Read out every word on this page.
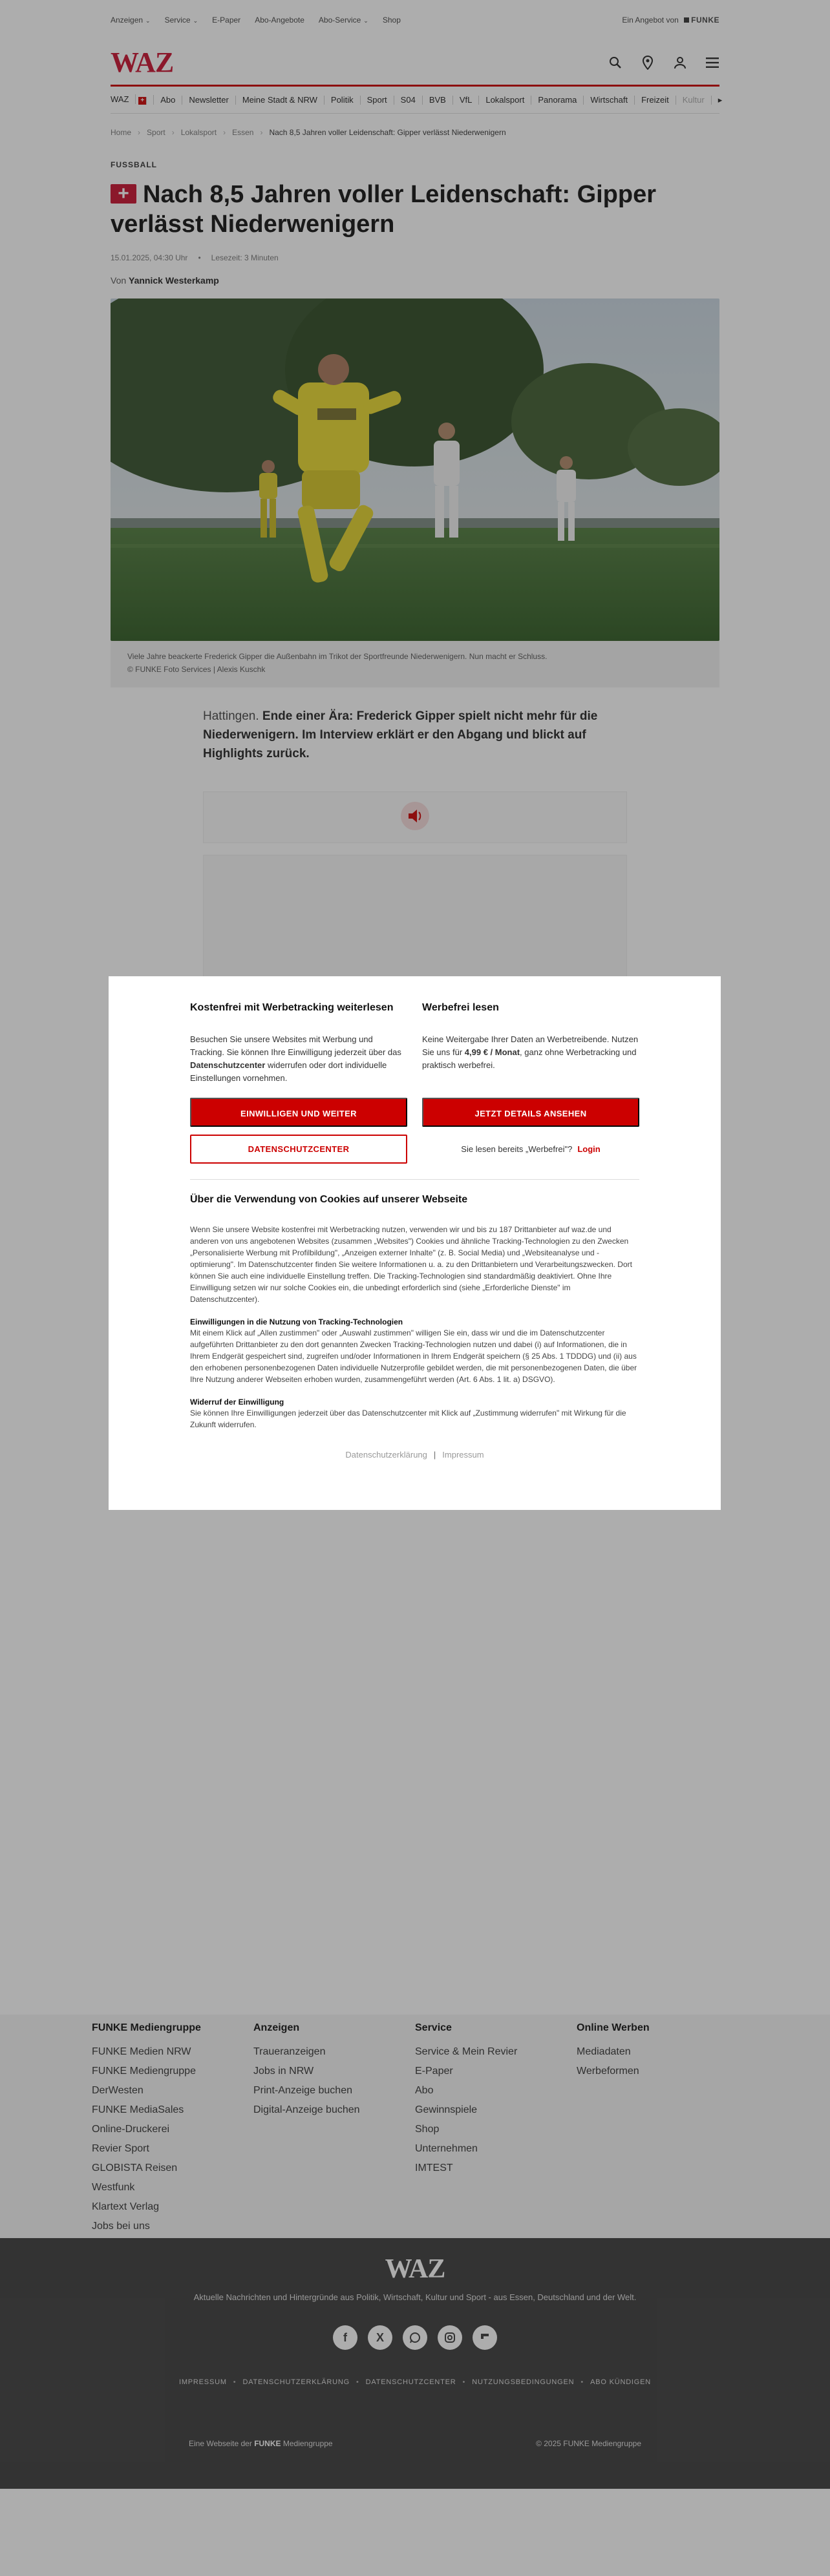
Anzeigen ⌄ Service ⌄ E-Paper Abo-Angebote Abo-Service ⌄ Shop	Ein Angebot von FUNKE
WAZ
WAZ +	Abo	Newsletter	Meine Stadt & NRW	Politik	Sport	S04	BVB	VfL	Lokalsport	Panorama	Wirtschaft	Freizeit	Kultur	▸
Home › Sport › Lokalsport › Essen › Nach 8,5 Jahren voller Leidenschaft: Gipper verlässt Niederwenigern
FUSSBALL
+ Nach 8,5 Jahren voller Leidenschaft: Gipper verlässt Niederwenigern
15.01.2025, 04:30 Uhr • Lesezeit: 3 Minuten
Von Yannick Westerkamp
Viele Jahre beackerte Frederick Gipper die Außenbahn im Trikot der Sportfreunde Niederwenigern. Nun macht er Schluss.
© FUNKE Foto Services | Alexis Kuschk

Hattingen. Ende einer Ära: Frederick Gipper spielt nicht mehr für die Niederwenigern. Im Interview erklärt er den Abgang und blickt auf Highlights zurück.

FUNKE Mediengruppe
FUNKE Medien NRW
FUNKE Mediengruppe
DerWesten
FUNKE MediaSales
Online-Druckerei
Revier Sport
GLOBISTA Reisen
Westfunk
Klartext Verlag
Jobs bei uns
Anzeigen
Traueranzeigen
Jobs in NRW
Print-Anzeige buchen
Digital-Anzeige buchen
Service
Service & Mein Revier
E-Paper
Abo
Gewinnspiele
Shop
Unternehmen
IMTEST
Online Werben
Mediadaten
Werbeformen
WAZ
Aktuelle Nachrichten und Hintergründe aus Politik, Wirtschaft, Kultur und Sport - aus Essen, Deutschland und der Welt.
f	X
IMPRESSUM • DATENSCHUTZERKLÄRUNG • DATENSCHUTZCENTER • NUTZUNGSBEDINGUNGEN • ABO KÜNDIGEN
Eine Webseite der FUNKE Mediengruppe	© 2025 FUNKE Mediengruppe
Kostenfrei mit Werbetracking weiterlesen

Besuchen Sie unsere Websites mit Werbung und Tracking. Sie können Ihre Einwilligung jederzeit über das Datenschutzcenter widerrufen oder dort individuelle Einstellungen vornehmen.

EINWILLIGEN UND WEITER
DATENSCHUTZCENTER
Werbefrei lesen

Keine Weitergabe Ihrer Daten an Werbetreibende. Nutzen Sie uns für 4,99 € / Monat, ganz ohne Werbetracking und praktisch werbefrei.

JETZT DETAILS ANSEHEN
Sie lesen bereits „Werbefrei"? Login
Über die Verwendung von Cookies auf unserer Webseite

Wenn Sie unsere Website kostenfrei mit Werbetracking nutzen, verwenden wir und bis zu 187 Drittanbieter auf waz.de und anderen von uns angebotenen Websites (zusammen „Websites") Cookies und ähnliche Tracking-Technologien zu den Zwecken „Personalisierte Werbung mit Profilbildung", „Anzeigen externer Inhalte" (z. B. Social Media) und „Websiteanalyse und -optimierung". Im Datenschutzcenter finden Sie weitere Informationen u. a. zu den Drittanbietern und Verarbeitungszwecken. Dort können Sie auch eine individuelle Einstellung treffen. Die Tracking-Technologien sind standardmäßig deaktiviert. Ohne Ihre Einwilligung setzen wir nur solche Cookies ein, die unbedingt erforderlich sind (siehe „Erforderliche Dienste" im Datenschutzcenter).

Einwilligungen in die Nutzung von Tracking-Technologien

Mit einem Klick auf „Allen zustimmen" oder „Auswahl zustimmen" willigen Sie ein, dass wir und die im Datenschutzcenter aufgeführten Drittanbieter zu den dort genannten Zwecken Tracking-Technologien nutzen und dabei (i) auf Informationen, die in Ihrem Endgerät gespeichert sind, zugreifen und/oder Informationen in Ihrem Endgerät speichern (§ 25 Abs. 1 TDDDG) und (ii) aus den erhobenen personenbezogenen Daten individuelle Nutzerprofile gebildet werden, die mit personenbezogenen Daten, die über Ihre Nutzung anderer Webseiten erhoben wurden, zusammengeführt werden (Art. 6 Abs. 1 lit. a) DSGVO).

Widerruf der Einwilligung

Sie können Ihre Einwilligungen jederzeit über das Datenschutzcenter mit Klick auf „Zustimmung widerrufen" mit Wirkung für die Zukunft widerrufen.

Datenschutzerklärung | Impressum
